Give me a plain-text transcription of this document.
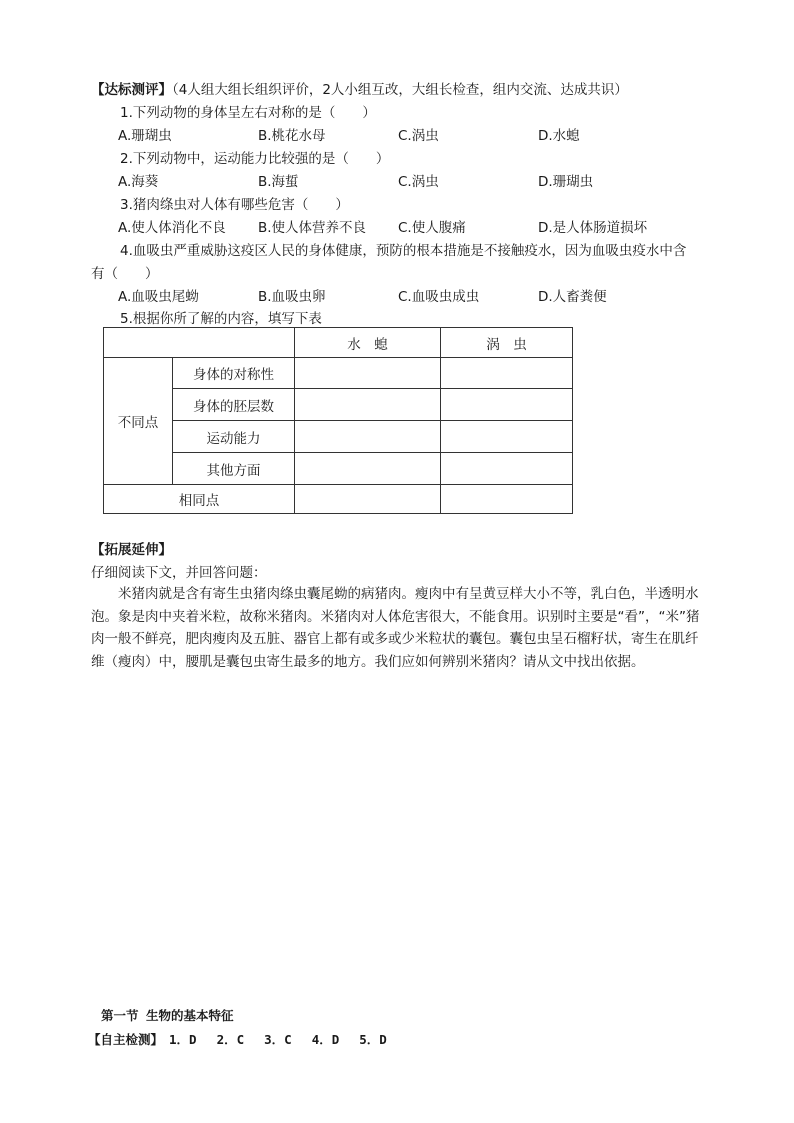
【达标测评】（4人组大组长组织评价，2人小组互改，大组长检查，组内交流、达成共识）
1.下列动物的身体呈左右对称的是（　　）
A.珊瑚虫	B.桃花水母	C.涡虫	D.水螅
2.下列动物中，运动能力比较强的是（　　）
A.海葵	B.海蜇	C.涡虫	D.珊瑚虫
3.猪肉绦虫对人体有哪些危害（　　）
A.使人体消化不良 B.使人体营养不良 C.使人腹痛	D.是人体肠道损坏
4.血吸虫严重威胁这疫区人民的身体健康，预防的根本措施是不接触疫水，因为血吸虫疫水中含
有（　　）
A.血吸虫尾蚴	B.血吸虫卵	C.血吸虫成虫	D.人畜粪便
5.根据你所了解的内容，填写下表
		水　螅	涡　虫
不同点	身体的对称性		
	身体的胚层数		
	运动能力		
	其他方面		
相同点			
【拓展延伸】
仔细阅读下文，并回答问题：
米猪肉就是含有寄生虫猪肉绦虫囊尾蚴的病猪肉。瘦肉中有呈黄豆样大小不等，乳白色，半透明水泡。象是肉中夹着米粒，故称米猪肉。米猪肉对人体危害很大，不能食用。识别时主要是“看”，“米”猪肉一般不鲜亮，肥肉瘦肉及五脏、器官上都有或多或少米粒状的囊包。囊包虫呈石榴籽状，寄生在肌纤维（瘦肉）中，腰肌是囊包虫寄生最多的地方。我们应如何辨别米猪肉？请从文中找出依据。
第一节 生物的基本特征
【自主检测】 1．D 2．C 3．C 4．D 5．D
